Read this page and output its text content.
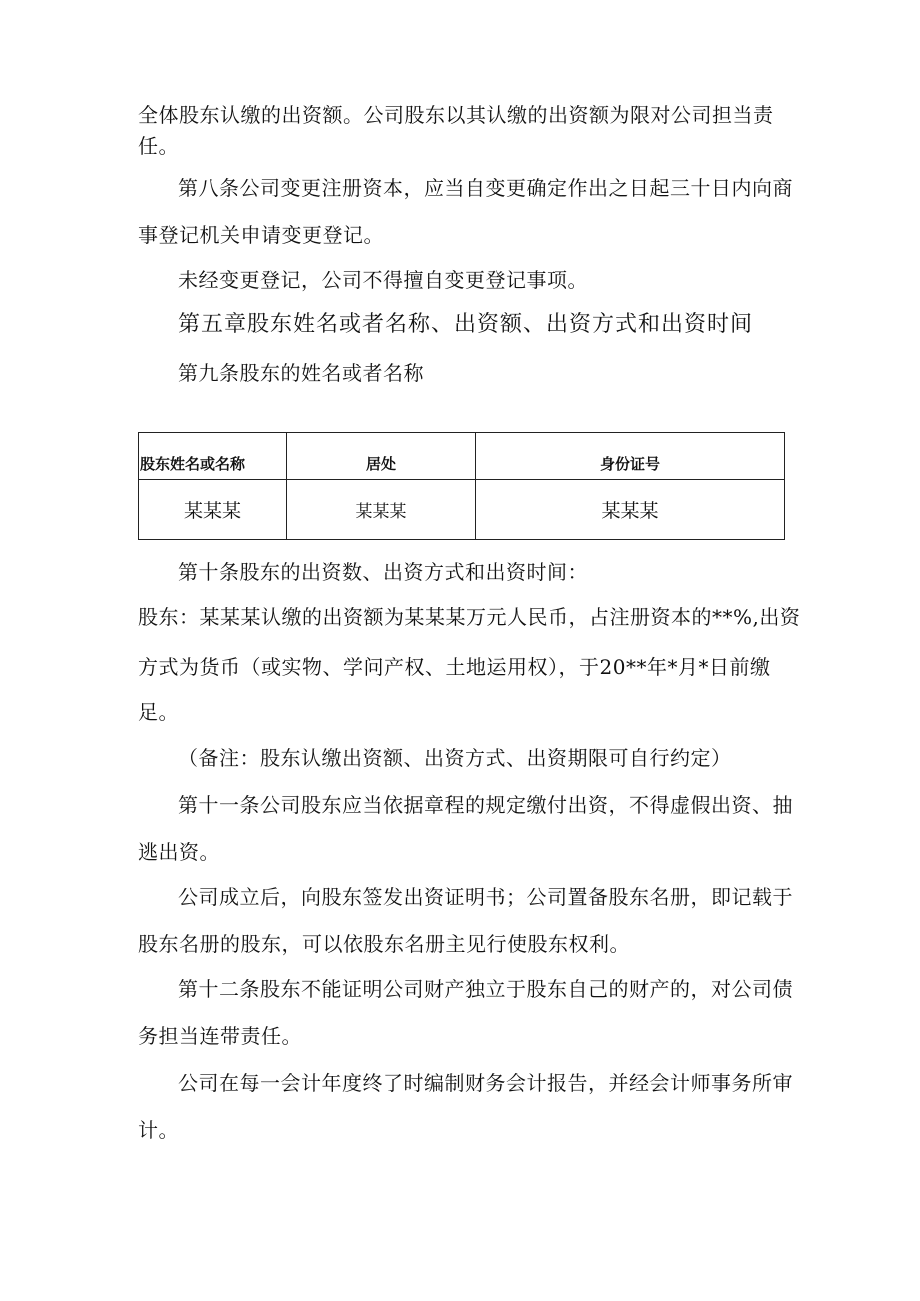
全体股东认缴的出资额。公司股东以其认缴的出资额为限对公司担当责
任。
第八条公司变更注册资本，应当自变更确定作出之日起三十日内向商
事登记机关申请变更登记。
未经变更登记，公司不得擅自变更登记事项。
第五章股东姓名或者名称、出资额、出资方式和出资时间
第九条股东的姓名或者名称
股东姓名或名称	居处	身份证号
某某某	某某某	某某某
第十条股东的出资数、出资方式和出资时间：
股东：某某某认缴的出资额为某某某万元人民币，占注册资本的**%,出资
方式为货币（或实物、学问产权、土地运用权），于20**年*月*日前缴
足。
（备注：股东认缴出资额、出资方式、出资期限可自行约定）
第十一条公司股东应当依据章程的规定缴付出资，不得虚假出资、抽
逃出资。
公司成立后，向股东签发出资证明书；公司置备股东名册，即记载于
股东名册的股东，可以依股东名册主见行使股东权利。
第十二条股东不能证明公司财产独立于股东自己的财产的，对公司债
务担当连带责任。
公司在每一会计年度终了时编制财务会计报告，并经会计师事务所审
计。
